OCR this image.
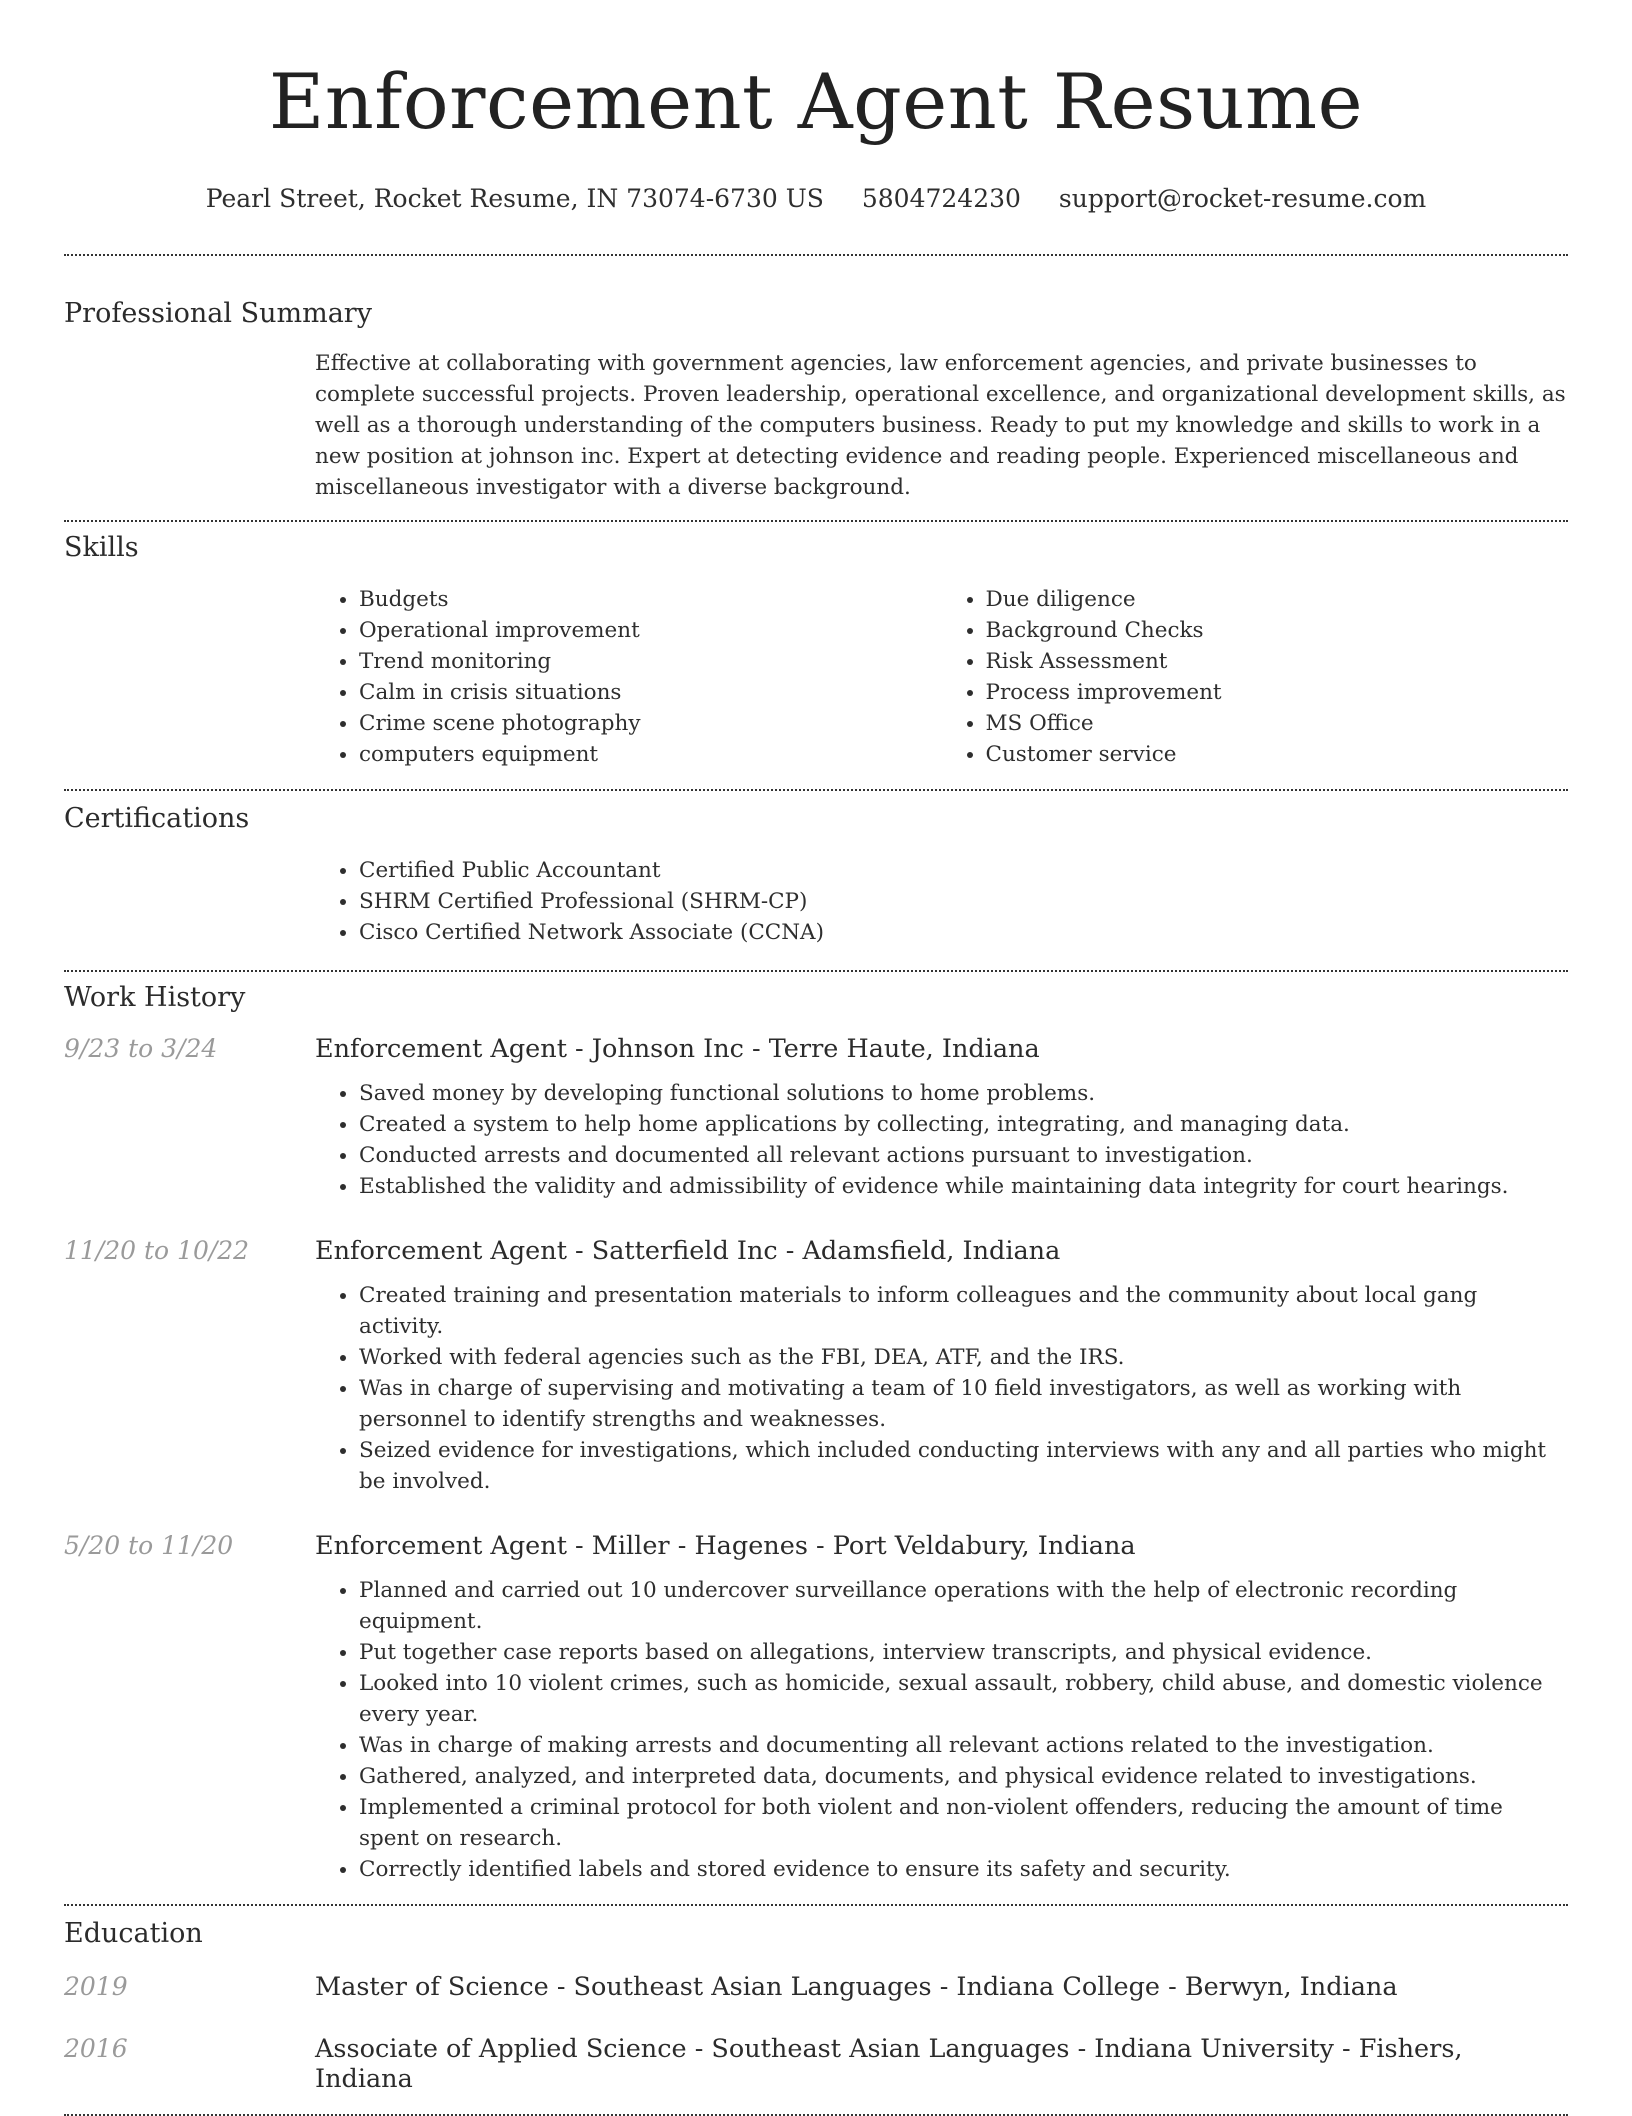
Enforcement Agent Resume
Pearl Street, Rocket Resume, IN 73074-6730 US 5804724230 support@rocket-resume.com
Professional Summary

Effective at collaborating with government agencies, law enforcement agencies, and private businesses to complete successful projects. Proven leadership, operational excellence, and organizational development skills, as well as a thorough understanding of the computers business. Ready to put my knowledge and skills to work in a new position at johnson inc. Expert at detecting evidence and reading people. Experienced miscellaneous and miscellaneous investigator with a diverse background.

Skills
• Budgets
• Operational improvement
• Trend monitoring
• Calm in crisis situations
• Crime scene photography
• computers equipment
• Due diligence
• Background Checks
• Risk Assessment
• Process improvement
• MS Office
• Customer service
Certifications
• Certified Public Accountant
• SHRM Certified Professional (SHRM-CP)
• Cisco Certified Network Associate (CCNA)
Work History
9/23 to 3/24	Enforcement Agent - Johnson Inc - Terre Haute, Indiana
• Saved money by developing functional solutions to home problems.
• Created a system to help home applications by collecting, integrating, and managing data.
• Conducted arrests and documented all relevant actions pursuant to investigation.
• Established the validity and admissibility of evidence while maintaining data integrity for court hearings.
11/20 to 10/22	Enforcement Agent - Satterfield Inc - Adamsfield, Indiana
• Created training and presentation materials to inform colleagues and the community about local gang activity.
• Worked with federal agencies such as the FBI, DEA, ATF, and the IRS.
• Was in charge of supervising and motivating a team of 10 field investigators, as well as working with personnel to identify strengths and weaknesses.
• Seized evidence for investigations, which included conducting interviews with any and all parties who might be involved.
5/20 to 11/20	Enforcement Agent - Miller - Hagenes - Port Veldabury, Indiana
• Planned and carried out 10 undercover surveillance operations with the help of electronic recording equipment.
• Put together case reports based on allegations, interview transcripts, and physical evidence.
• Looked into 10 violent crimes, such as homicide, sexual assault, robbery, child abuse, and domestic violence every year.
• Was in charge of making arrests and documenting all relevant actions related to the investigation.
• Gathered, analyzed, and interpreted data, documents, and physical evidence related to investigations.
• Implemented a criminal protocol for both violent and non-violent offenders, reducing the amount of time spent on research.
• Correctly identified labels and stored evidence to ensure its safety and security.
Education
2019	Master of Science - Southeast Asian Languages - Indiana College - Berwyn, Indiana
2016	Associate of Applied Science - Southeast Asian Languages - Indiana University - Fishers, Indiana
